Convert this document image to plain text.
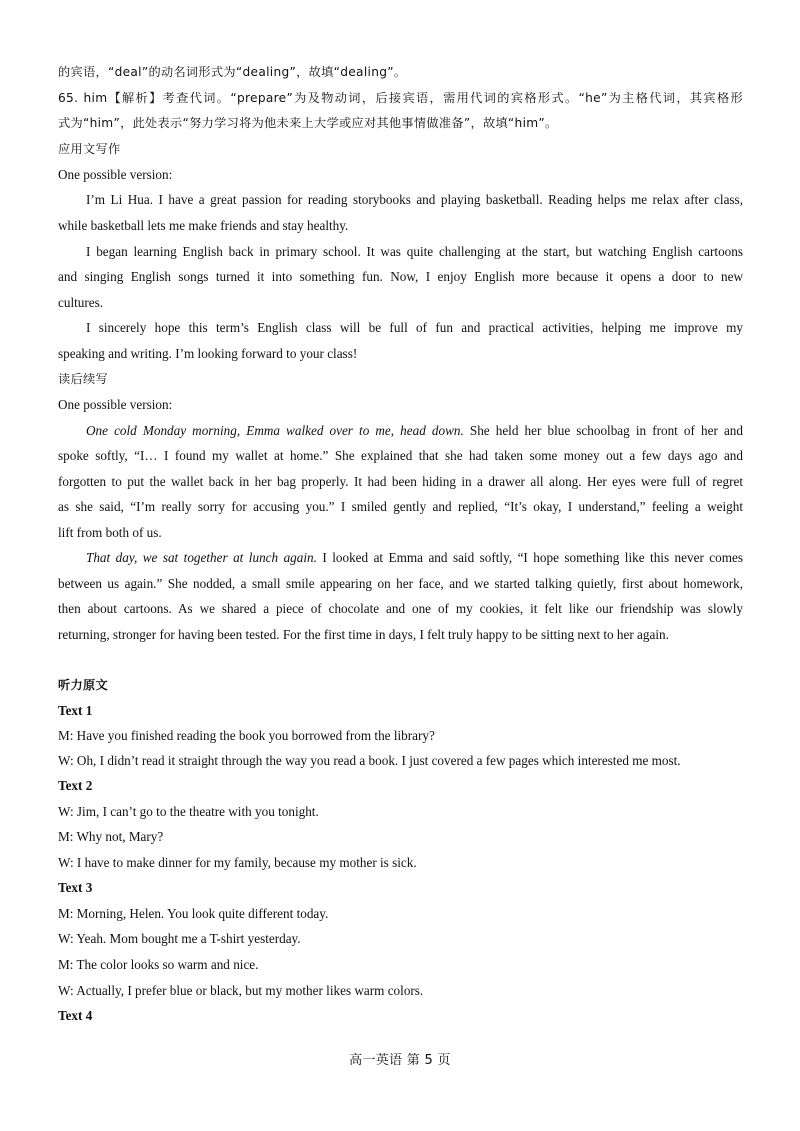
的宾语，“deal”的动名词形式为“dealing”，故填“dealing”。
65. him【解析】考查代词。“prepare”为及物动词，后接宾语，需用代词的宾格形式。“he”为主格代词，其宾格形
式为“him”，此处表示“努力学习将为他未来上大学或应对其他事情做准备”，故填“him”。
应用文写作
One possible version:
I’m Li Hua. I have a great passion for reading storybooks and playing basketball. Reading helps me relax after class,
while basketball lets me make friends and stay healthy.
I began learning English back in primary school. It was quite challenging at the start, but watching English cartoons
and singing English songs turned it into something fun. Now, I enjoy English more because it opens a door to new
cultures.
I sincerely hope this term’s English class will be full of fun and practical activities, helping me improve my
speaking and writing. I’m looking forward to your class!
读后续写
One possible version:
One cold Monday morning, Emma walked over to me, head down. She held her blue schoolbag in front of her and
spoke softly, “I… I found my wallet at home.” She explained that she had taken some money out a few days ago and
forgotten to put the wallet back in her bag properly. It had been hiding in a drawer all along. Her eyes were full of regret
as she said, “I’m really sorry for accusing you.” I smiled gently and replied, “It’s okay, I understand,” feeling a weight
lift from both of us.
That day, we sat together at lunch again. I looked at Emma and said softly, “I hope something like this never comes
between us again.” She nodded, a small smile appearing on her face, and we started talking quietly, first about homework,
then about cartoons. As we shared a piece of chocolate and one of my cookies, it felt like our friendship was slowly
returning, stronger for having been tested. For the first time in days, I felt truly happy to be sitting next to her again.
听力原文
Text 1
M: Have you finished reading the book you borrowed from the library?
W: Oh, I didn’t read it straight through the way you read a book. I just covered a few pages which interested me most.
Text 2
W: Jim, I can’t go to the theatre with you tonight.
M: Why not, Mary?
W: I have to make dinner for my family, because my mother is sick.
Text 3
M: Morning, Helen. You look quite different today.
W: Yeah. Mom bought me a T-shirt yesterday.
M: The color looks so warm and nice.
W: Actually, I prefer blue or black, but my mother likes warm colors.
Text 4
高一英语 第 5 页
